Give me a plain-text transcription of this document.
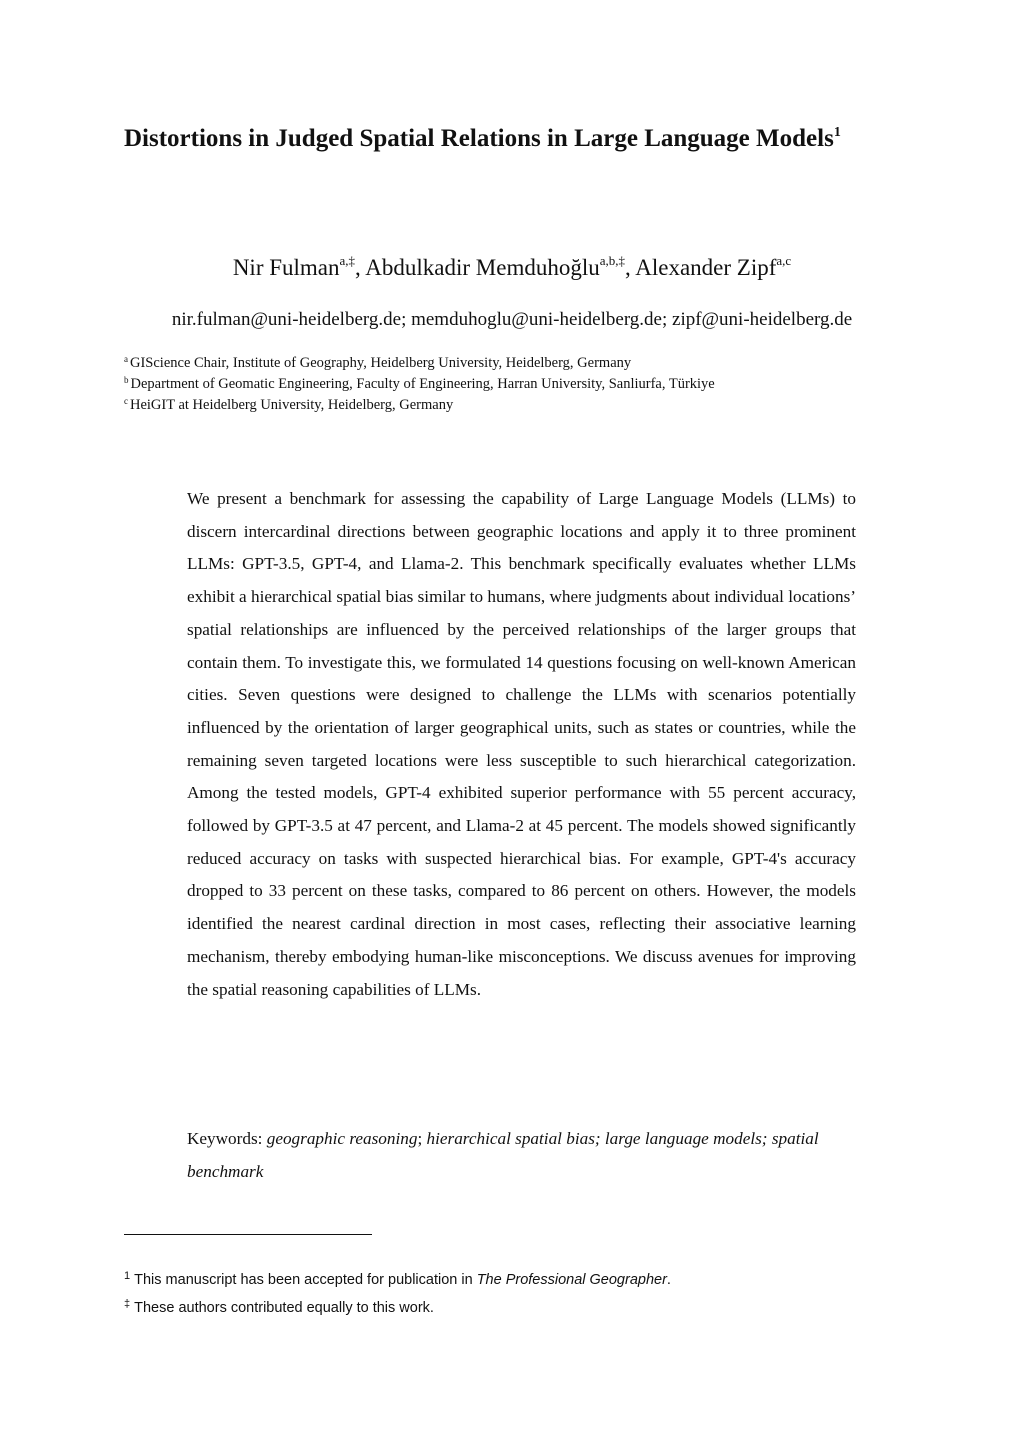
Distortions in Judged Spatial Relations in Large Language Models$^1$
Nir Fulman$^{a,\ddagger}$, Abdulkadir Memduhoğlu$^{a,b,\ddagger}$, Alexander Zipf$^{a,c}$
nir.fulman@uni-heidelberg.de; memduhoglu@uni-heidelberg.de; zipf@uni-heidelberg.de
$^a$ GIScience Chair, Institute of Geography, Heidelberg University, Heidelberg, Germany
$^b$ Department of Geomatic Engineering, Faculty of Engineering, Harran University, Sanliurfa, Türkiye
$^c$ HeiGIT at Heidelberg University, Heidelberg, Germany

We present a benchmark for assessing the capability of Large Language Models (LLMs) to discern intercardinal directions between geographic locations and apply it to three prominent LLMs: GPT-3.5, GPT-4, and Llama-2. This benchmark specifically evaluates whether LLMs exhibit a hierarchical spatial bias similar to humans, where judgments about individual locations’ spatial relationships are influenced by the perceived relationships of the larger groups that contain them. To investigate this, we formulated 14 questions focusing on well-known American cities. Seven questions were designed to challenge the LLMs with scenarios potentially influenced by the orientation of larger geographical units, such as states or countries, while the remaining seven targeted locations were less susceptible to such hierarchical categorization. Among the tested models, GPT-4 exhibited superior performance with 55 percent accuracy, followed by GPT-3.5 at 47 percent, and Llama-2 at 45 percent. The models showed significantly reduced accuracy on tasks with suspected hierarchical bias. For example, GPT-4's accuracy dropped to 33 percent on these tasks, compared to 86 percent on others. However, the models identified the nearest cardinal direction in most cases, reflecting their associative learning mechanism, thereby embodying human-like misconceptions. We discuss avenues for improving the spatial reasoning capabilities of LLMs.

Keywords: geographic reasoning; hierarchical spatial bias; large language models; spatial benchmark
$^1$ This manuscript has been accepted for publication in The Professional Geographer.
‡ These authors contributed equally to this work.
